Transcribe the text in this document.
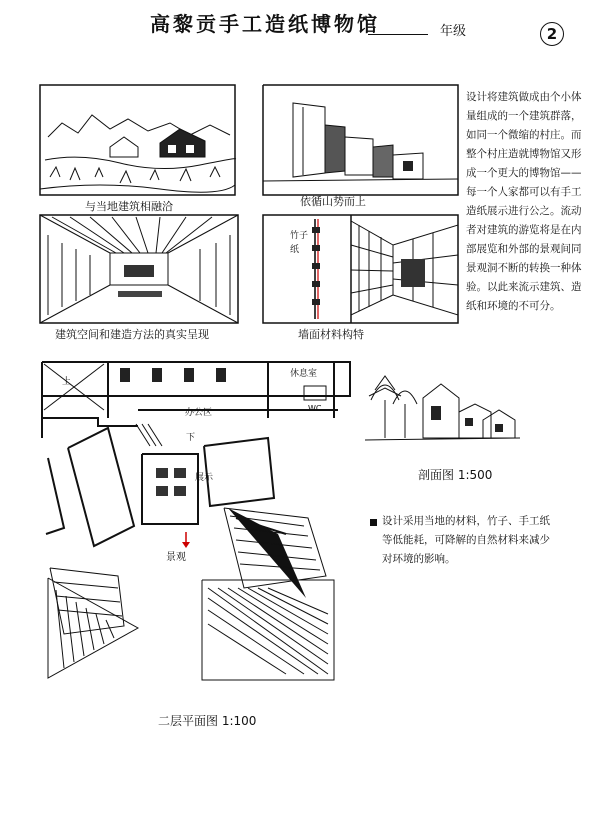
高黎贡手工造纸博物馆	年级	2
与当地建筑相融洽	依循山势而上
建筑空间和建造方法的真实呈现
竹子
纸
墙面材料构特
设计将建筑做成由个小体量组成的一个建筑群落，如同一个微缩的村庄。而整个村庄造就博物馆又形成一个更大的博物馆——每一个人家都可以有手工造纸展示进行公之。流动者对建筑的游览将是在内部展览和外部的景观间同景观洞不断的转换一种体验。以此来流示建筑、造纸和环境的不可分。
上
休息室
办公区
下
WC
展示
景观
二层平面图 1:100
剖面图 1:500
设计采用当地的材料，竹子、手工纸等低能耗，可降解的自然材料来减少对环境的影响。
